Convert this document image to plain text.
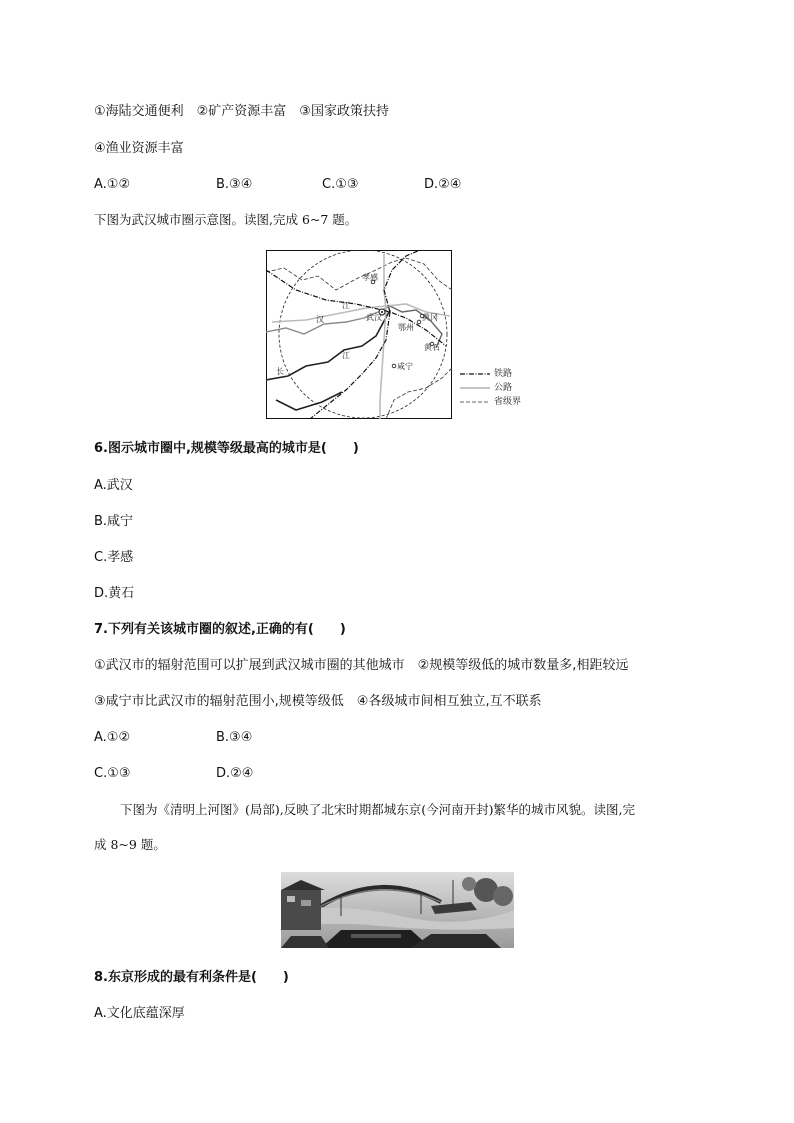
①海陆交通便利　②矿产资源丰富　③国家政策扶持
④渔业资源丰富
A.①②	B.③④	C.①③	D.②④
下图为武汉城市圈示意图。读图,完成 6~7 题。
孝感
武汉
鄂州
黄冈
黄石
咸宁
汉
江
江
长	铁路
公路
省级界
6.图示城市圈中,规模等级最高的城市是(　　)
A.武汉
B.咸宁
C.孝感
D.黄石
7.下列有关该城市圈的叙述,正确的有(　　)
①武汉市的辐射范围可以扩展到武汉城市圈的其他城市　②规模等级低的城市数量多,相距较远
③咸宁市比武汉市的辐射范围小,规模等级低　④各级城市间相互独立,互不联系
A.①②	B.③④
C.①③	D.②④
下图为《清明上河图》(局部),反映了北宋时期都城东京(今河南开封)繁华的城市风貌。读图,完
成 8~9 题。
8.东京形成的最有利条件是(　　)
A.文化底蕴深厚
